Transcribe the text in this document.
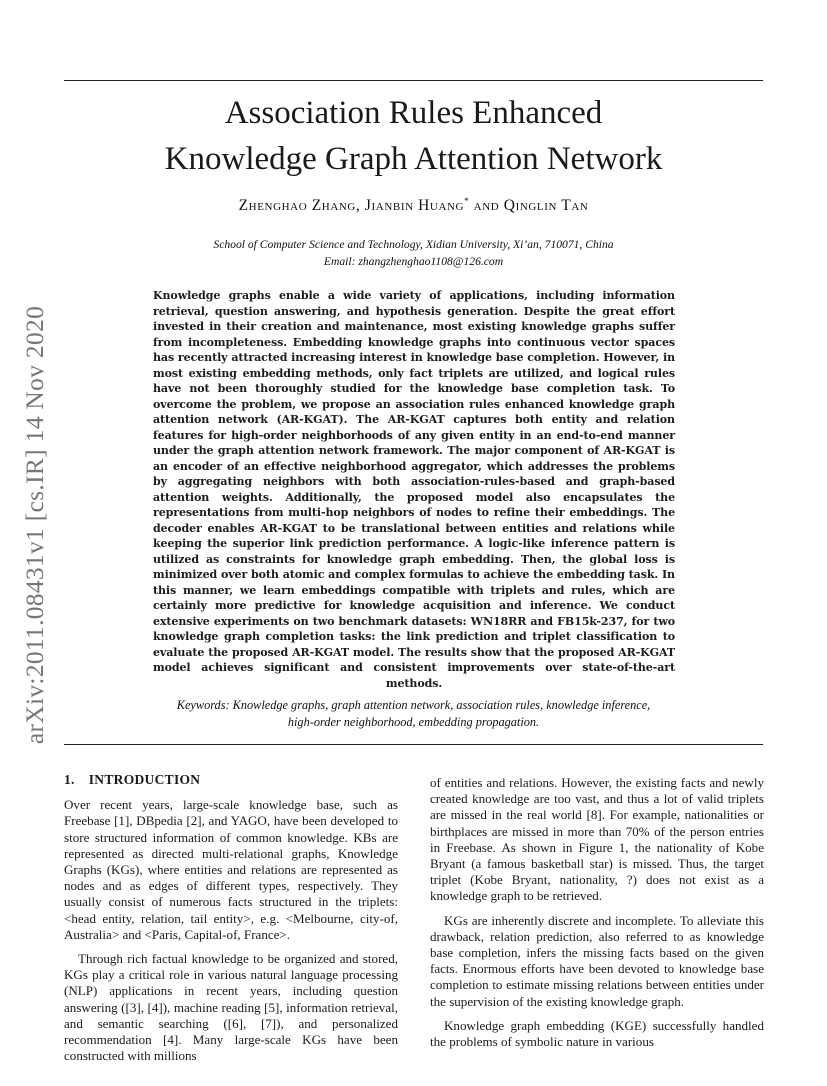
arXiv:2011.08431v1 [cs.IR] 14 Nov 2020
Association Rules Enhanced
Knowledge Graph Attention Network
Zhenghao Zhang, Jianbin Huang* and Qinglin Tan
School of Computer Science and Technology, Xidian University, Xi’an, 710071, China
Email: zhangzhenghao1108@126.com
Knowledge graphs enable a wide variety of applications, including information retrieval, question answering, and hypothesis generation. Despite the great effort invested in their creation and maintenance, most existing knowledge graphs suffer from incompleteness. Embedding knowledge graphs into continuous vector spaces has recently attracted increasing interest in knowledge base completion. However, in most existing embedding methods, only fact triplets are utilized, and logical rules have not been thoroughly studied for the knowledge base completion task. To overcome the problem, we propose an association rules enhanced knowledge graph attention network (AR-KGAT). The AR-KGAT captures both entity and relation features for high-order neighborhoods of any given entity in an end-to-end manner under the graph attention network framework. The major component of AR-KGAT is an encoder of an effective neighborhood aggregator, which addresses the problems by aggregating neighbors with both association-rules-based and graph-based attention weights. Additionally, the proposed model also encapsulates the representations from multi-hop neighbors of nodes to refine their embeddings. The decoder enables AR-KGAT to be translational between entities and relations while keeping the superior link prediction performance. A logic-like inference pattern is utilized as constraints for knowledge graph embedding. Then, the global loss is minimized over both atomic and complex formulas to achieve the embedding task. In this manner, we learn embeddings compatible with triplets and rules, which are certainly more predictive for knowledge acquisition and inference. We conduct extensive experiments on two benchmark datasets: WN18RR and FB15k-237, for two knowledge graph completion tasks: the link prediction and triplet classification to evaluate the proposed AR-KGAT model. The results show that the proposed AR-KGAT model achieves significant and consistent improvements over state-of-the-art methods.
Keywords: Knowledge graphs, graph attention network, association rules, knowledge inference, high-order neighborhood, embedding propagation.
1. INTRODUCTION

Over recent years, large-scale knowledge base, such as Freebase [1], DBpedia [2], and YAGO, have been developed to store structured information of common knowledge. KBs are represented as directed multi-relational graphs, Knowledge Graphs (KGs), where entities and relations are represented as nodes and as edges of different types, respectively. They usually consist of numerous facts structured in the triplets: <head entity, relation, tail entity>, e.g. <Melbourne, city-of, Australia> and <Paris, Capital-of, France>.

Through rich factual knowledge to be organized and stored, KGs play a critical role in various natural language processing (NLP) applications in recent years, including question answering ([3], [4]), machine reading [5], information retrieval, and semantic searching ([6], [7]), and personalized recommendation [4]. Many large-scale KGs have been constructed with millions

of entities and relations. However, the existing facts and newly created knowledge are too vast, and thus a lot of valid triplets are missed in the real world [8]. For example, nationalities or birthplaces are missed in more than 70% of the person entries in Freebase. As shown in Figure 1, the nationality of Kobe Bryant (a famous basketball star) is missed. Thus, the target triplet (Kobe Bryant, nationality, ?) does not exist as a knowledge graph to be retrieved.

KGs are inherently discrete and incomplete. To alleviate this drawback, relation prediction, also referred to as knowledge base completion, infers the missing facts based on the given facts. Enormous efforts have been devoted to knowledge base completion to estimate missing relations between entities under the supervision of the existing knowledge graph.

Knowledge graph embedding (KGE) successfully handled the problems of symbolic nature in various
